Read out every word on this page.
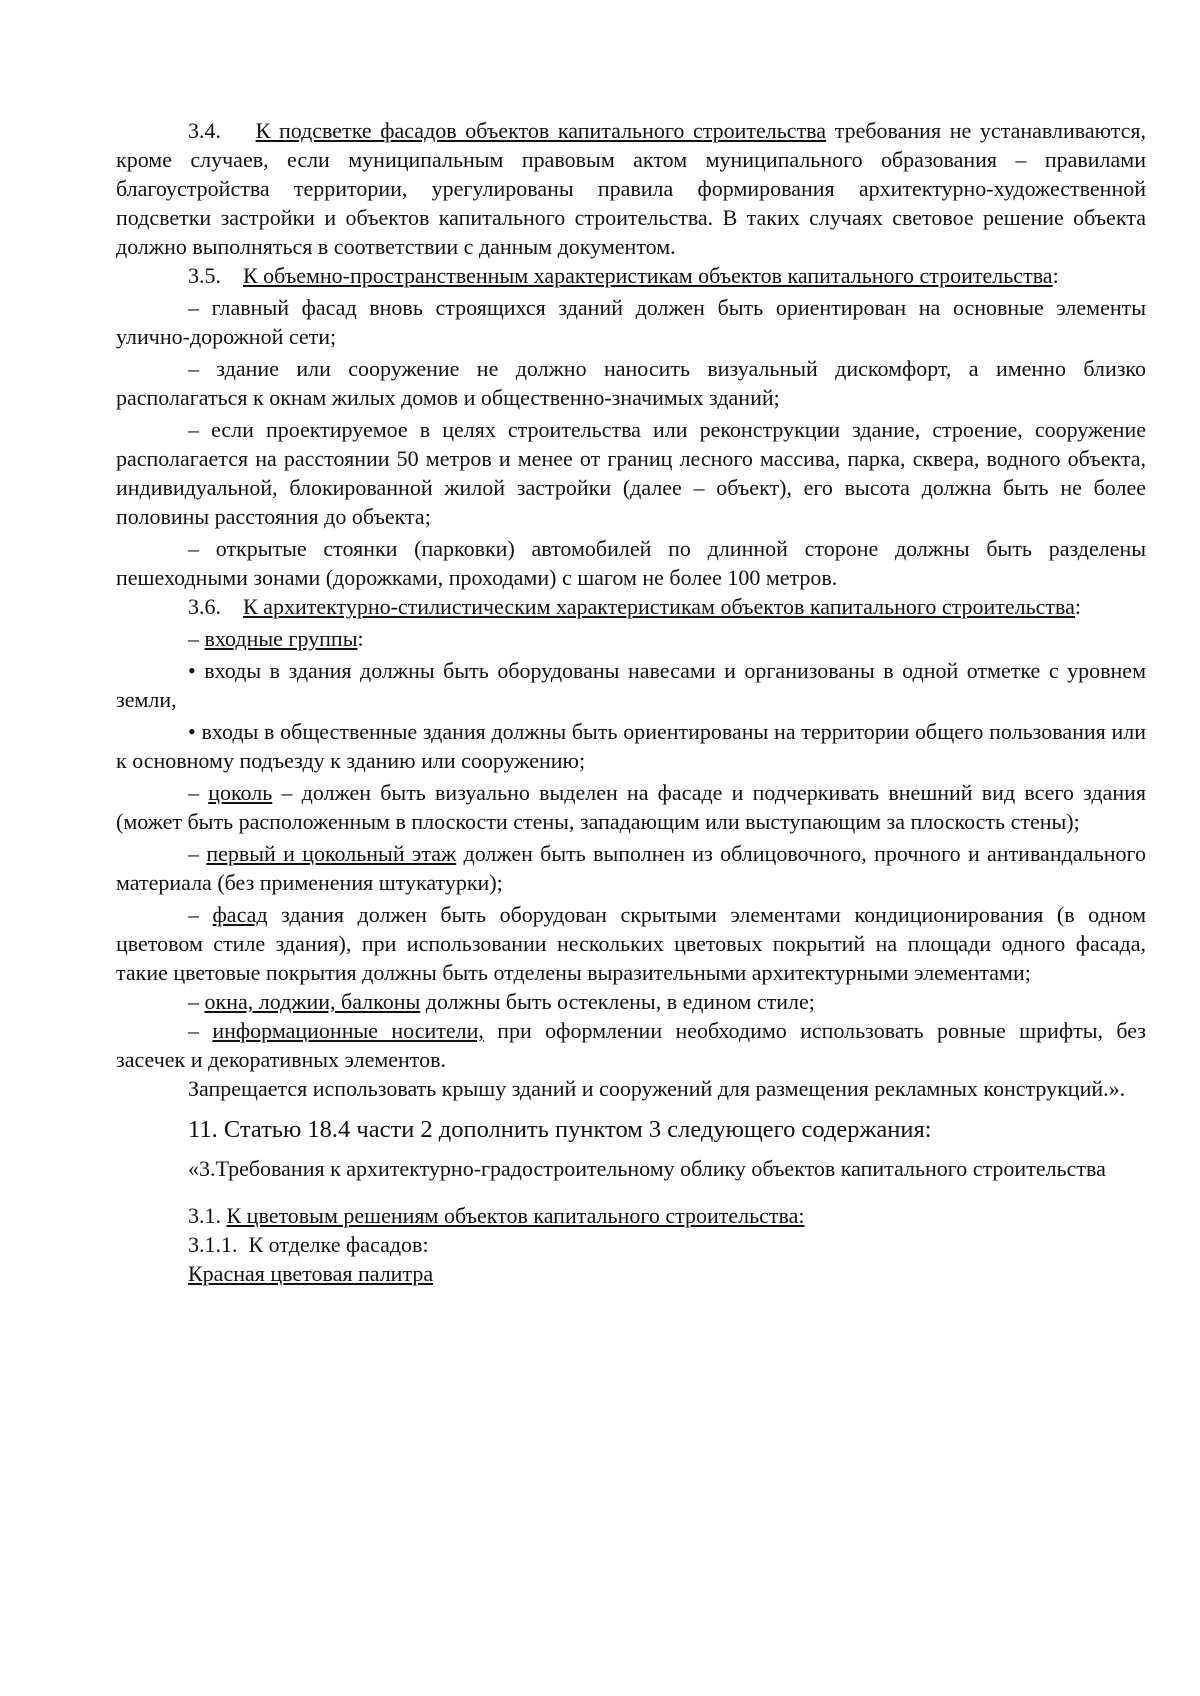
3.4. К подсветке фасадов объектов капитального строительства требования не устанавливаются, кроме случаев, если муниципальным правовым актом муниципального образования – правилами благоустройства территории, урегулированы правила формирования архитектурно-художественной подсветки застройки и объектов капитального строительства. В таких случаях световое решение объекта должно выполняться в соответствии с данным документом.

3.5. К объемно-пространственным характеристикам объектов капитального строительства:

– главный фасад вновь строящихся зданий должен быть ориентирован на основные элементы улично-дорожной сети;

– здание или сооружение не должно наносить визуальный дискомфорт, а именно близко располагаться к окнам жилых домов и общественно-значимых зданий;

– если проектируемое в целях строительства или реконструкции здание, строение, сооружение располагается на расстоянии 50 метров и менее от границ лесного массива, парка, сквера, водного объекта, индивидуальной, блокированной жилой застройки (далее – объект), его высота должна быть не более половины расстояния до объекта;

– открытые стоянки (парковки) автомобилей по длинной стороне должны быть разделены пешеходными зонами (дорожками, проходами) с шагом не более 100 метров.

3.6. К архитектурно-стилистическим характеристикам объектов капитального строительства:

– входные группы:

• входы в здания должны быть оборудованы навесами и организованы в одной отметке с уровнем земли,

• входы в общественные здания должны быть ориентированы на территории общего пользования или к основному подъезду к зданию или сооружению;

– цоколь – должен быть визуально выделен на фасаде и подчеркивать внешний вид всего здания (может быть расположенным в плоскости стены, западающим или выступающим за плоскость стены);

– первый и цокольный этаж должен быть выполнен из облицовочного, прочного и антивандального материала (без применения штукатурки);

– фасад здания должен быть оборудован скрытыми элементами кондиционирования (в одном цветовом стиле здания), при использовании нескольких цветовых покрытий на площади одного фасада, такие цветовые покрытия должны быть отделены выразительными архитектурными элементами;

– окна, лоджии, балконы должны быть остеклены, в едином стиле;

– информационные носители, при оформлении необходимо использовать ровные шрифты, без засечек и декоративных элементов.

Запрещается использовать крышу зданий и сооружений для размещения рекламных конструкций.».

11. Статью 18.4 части 2 дополнить пунктом 3 следующего содержания:

«3.Требования к архитектурно-градостроительному облику объектов капитального строительства

3.1. К цветовым решениям объектов капитального строительства:

3.1.1. К отделке фасадов:

Красная цветовая палитра
